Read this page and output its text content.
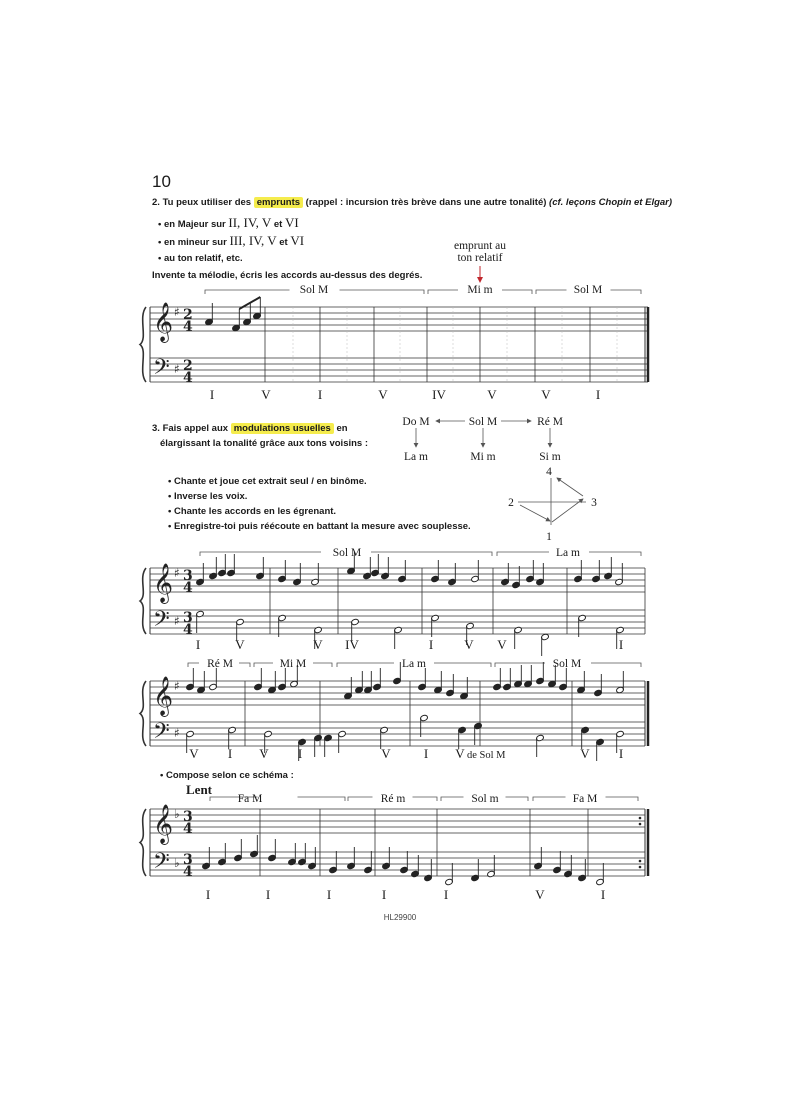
10
2. Tu peux utiliser des emprunts (rappel : incursion très brève dans une autre tonalité) (cf. leçons Chopin et Elgar)
• en Majeur sur II, IV, V et VI
• en mineur sur III, IV, V et VI
• au ton relatif, etc.
emprunt au
ton relatif
Invente ta mélodie, écris les accords au-dessus des degrés.
3. Fais appel aux modulations usuelles en
élargissant la tonalité grâce aux tons voisins :
• Chante et joue cet extrait seul / en binôme.
• Inverse les voix.
• Chante les accords en les égrenant.
• Enregistre-toi puis réécoute en battant la mesure avec souplesse.
• Compose selon ce schéma :
Lent
HL29900
𝄞
𝄢
♯
♯
2
4
2
4
𝄞
𝄢
♯
♯
3
4
3
4
𝄞
𝄢
♯
♯
𝄞
𝄢
♭
♭
3
4
3
4
Sol M	Mi m	Sol M
I	V	I	V	IV	V	V	I
Do M	Sol M	Ré M
La m	Mi m	Si m
4
2	3
1
Sol M	La m
I	V	V IV	I V V	I
Ré M	Mi M	La m	Sol M
V I V I	V	I V de Sol M	V I
Fa M	Ré m	Sol m	Fa M
I	I	I	I	I	V	I
